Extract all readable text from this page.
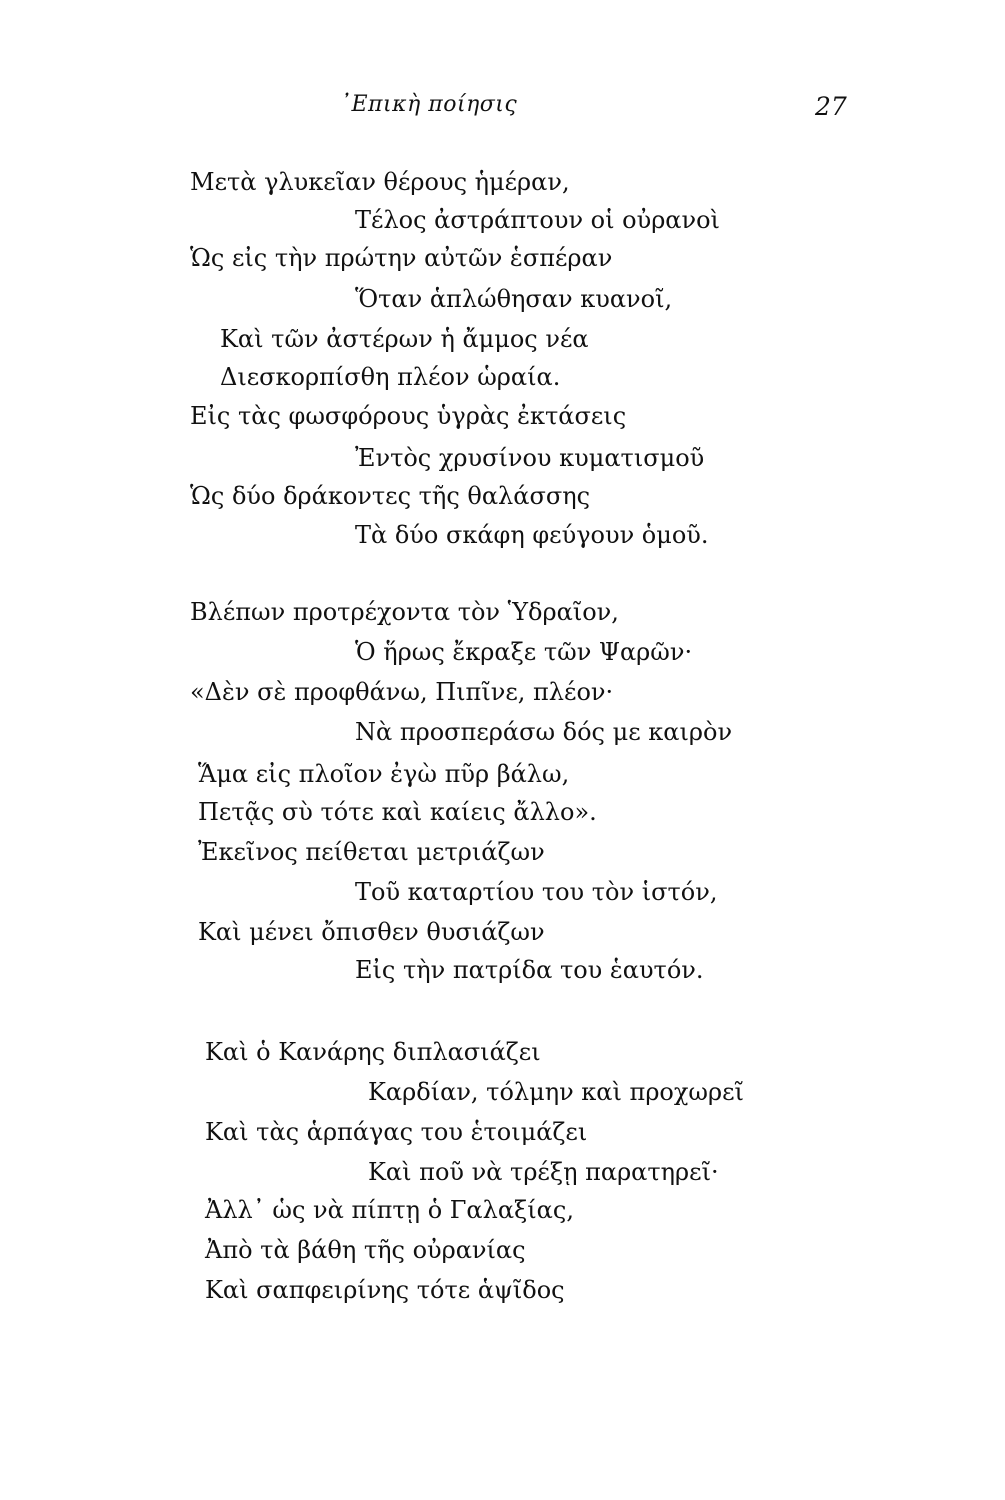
᾿Επικὴ ποίησις	27
Μετὰ γλυκεῖαν θέρους ἡμέραν,
Τέλος ἀστράπτουν οἱ οὐρανοὶ
Ὡς εἰς τὴν πρώτην αὐτῶν ἑσπέραν
Ὅταν ἁπλώθησαν κυανοῖ,
Καὶ τῶν ἀστέρων ἡ ἄμμος νέα
Διεσκορπίσθη πλέον ὡραία.
Εἰς τὰς φωσφόρους ὑγρὰς ἐκτάσεις
Ἐντὸς χρυσίνου κυματισμοῦ
Ὡς δύο δράκοντες τῆς θαλάσσης
Τὰ δύο σκάφη φεύγουν ὁμοῦ.
Βλέπων προτρέχοντα τὸν Ὑδραῖον,
Ὁ ἥρως ἔκραξε τῶν Ψαρῶν·
«Δὲν σὲ προφθάνω, Πιπῖνε, πλέον·
Νὰ προσπεράσω δός με καιρὸν
Ἅμα εἰς πλοῖον ἐγὼ πῦρ βάλω,
Πετᾷς σὺ τότε καὶ καίεις ἄλλο».
Ἐκεῖνος πείθεται μετριάζων
Τοῦ καταρτίου του τὸν ἱστόν,
Καὶ μένει ὄπισθεν θυσιάζων
Εἰς τὴν πατρίδα του ἑαυτόν.
Καὶ ὁ Κανάρης διπλασιάζει
Καρδίαν, τόλμην καὶ προχωρεῖ
Καὶ τὰς ἁρπάγας του ἑτοιμάζει
Καὶ ποῦ νὰ τρέξῃ παρατηρεῖ·
Ἀλλ᾿ ὡς νὰ πίπτῃ ὁ Γαλαξίας,
Ἀπὸ τὰ βάθη τῆς οὐρανίας
Καὶ σαπφειρίνης τότε ἁψῖδος
